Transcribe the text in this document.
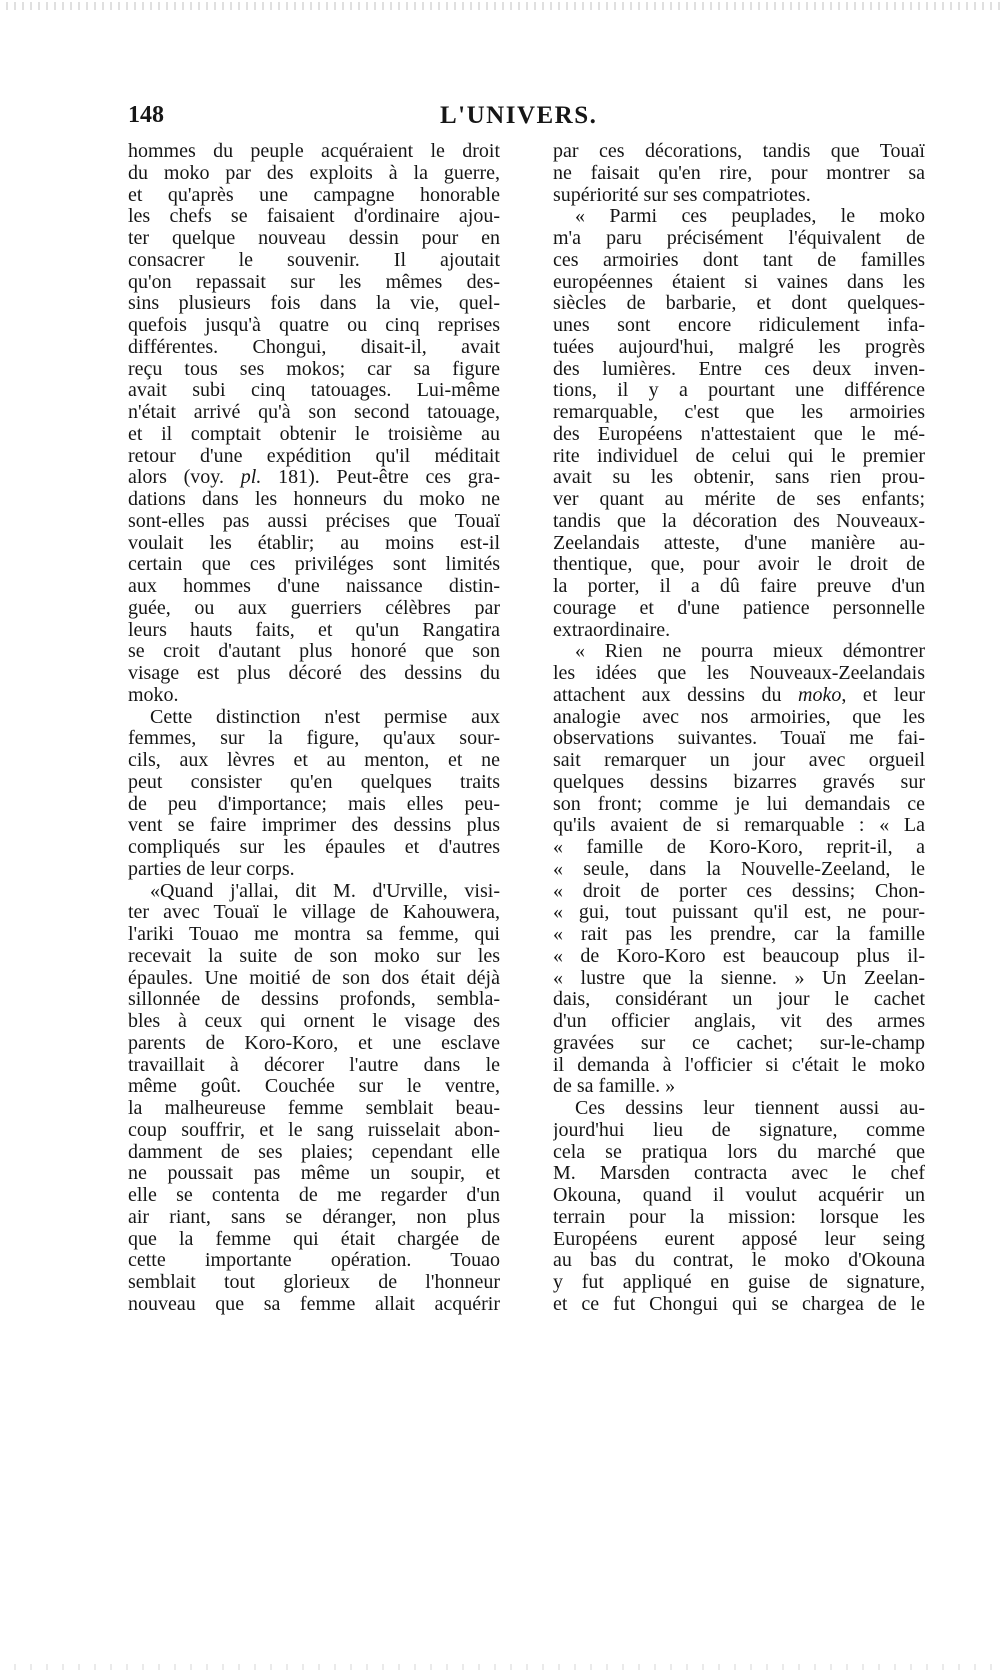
148	L'UNIVERS.
hommes du peuple acquéraient le droit
du moko par des exploits à la guerre,
et qu'après une campagne honorable
les chefs se faisaient d'ordinaire ajou-
ter quelque nouveau dessin pour en
consacrer le souvenir. Il ajoutait
qu'on repassait sur les mêmes des-
sins plusieurs fois dans la vie, quel-
quefois jusqu'à quatre ou cinq reprises
différentes. Chongui, disait-il, avait
reçu tous ses mokos; car sa figure
avait subi cinq tatouages. Lui-même
n'était arrivé qu'à son second tatouage,
et il comptait obtenir le troisième au
retour d'une expédition qu'il méditait
alors (voy. pl. 181). Peut-être ces gra-
dations dans les honneurs du moko ne
sont-elles pas aussi précises que Touaï
voulait les établir; au moins est-il
certain que ces priviléges sont limités
aux hommes d'une naissance distin-
guée, ou aux guerriers célèbres par
leurs hauts faits, et qu'un Rangatira
se croit d'autant plus honoré que son
visage est plus décoré des dessins du
moko.
Cette distinction n'est permise aux
femmes, sur la figure, qu'aux sour-
cils, aux lèvres et au menton, et ne
peut consister qu'en quelques traits
de peu d'importance; mais elles peu-
vent se faire imprimer des dessins plus
compliqués sur les épaules et d'autres
parties de leur corps.
«Quand j'allai, dit M. d'Urville, visi-
ter avec Touaï le village de Kahouwera,
l'ariki Touao me montra sa femme, qui
recevait la suite de son moko sur les
épaules. Une moitié de son dos était déjà
sillonnée de dessins profonds, sembla-
bles à ceux qui ornent le visage des
parents de Koro-Koro, et une esclave
travaillait à décorer l'autre dans le
même goût. Couchée sur le ventre,
la malheureuse femme semblait beau-
coup souffrir, et le sang ruisselait abon-
damment de ses plaies; cependant elle
ne poussait pas même un soupir, et
elle se contenta de me regarder d'un
air riant, sans se déranger, non plus
que la femme qui était chargée de
cette importante opération. Touao
semblait tout glorieux de l'honneur
nouveau que sa femme allait acquérir
par ces décorations, tandis que Touaï
ne faisait qu'en rire, pour montrer sa
supériorité sur ses compatriotes.
« Parmi ces peuplades, le moko
m'a paru précisément l'équivalent de
ces armoiries dont tant de familles
européennes étaient si vaines dans les
siècles de barbarie, et dont quelques-
unes sont encore ridiculement infa-
tuées aujourd'hui, malgré les progrès
des lumières. Entre ces deux inven-
tions, il y a pourtant une différence
remarquable, c'est que les armoiries
des Européens n'attestaient que le mé-
rite individuel de celui qui le premier
avait su les obtenir, sans rien prou-
ver quant au mérite de ses enfants;
tandis que la décoration des Nouveaux-
Zeelandais atteste, d'une manière au-
thentique, que, pour avoir le droit de
la porter, il a dû faire preuve d'un
courage et d'une patience personnelle
extraordinaire.
« Rien ne pourra mieux démontrer
les idées que les Nouveaux-Zeelandais
attachent aux dessins du moko, et leur
analogie avec nos armoiries, que les
observations suivantes. Touaï me fai-
sait remarquer un jour avec orgueil
quelques dessins bizarres gravés sur
son front; comme je lui demandais ce
qu'ils avaient de si remarquable : « La
« famille de Koro-Koro, reprit-il, a
« seule, dans la Nouvelle-Zeeland, le
« droit de porter ces dessins; Chon-
« gui, tout puissant qu'il est, ne pour-
« rait pas les prendre, car la famille
« de Koro-Koro est beaucoup plus il-
« lustre que la sienne. » Un Zeelan-
dais, considérant un jour le cachet
d'un officier anglais, vit des armes
gravées sur ce cachet; sur-le-champ
il demanda à l'officier si c'était le moko
de sa famille. »
Ces dessins leur tiennent aussi au-
jourd'hui lieu de signature, comme
cela se pratiqua lors du marché que
M. Marsden contracta avec le chef
Okouna, quand il voulut acquérir un
terrain pour la mission: lorsque les
Européens eurent apposé leur seing
au bas du contrat, le moko d'Okouna
y fut appliqué en guise de signature,
et ce fut Chongui qui se chargea de le
